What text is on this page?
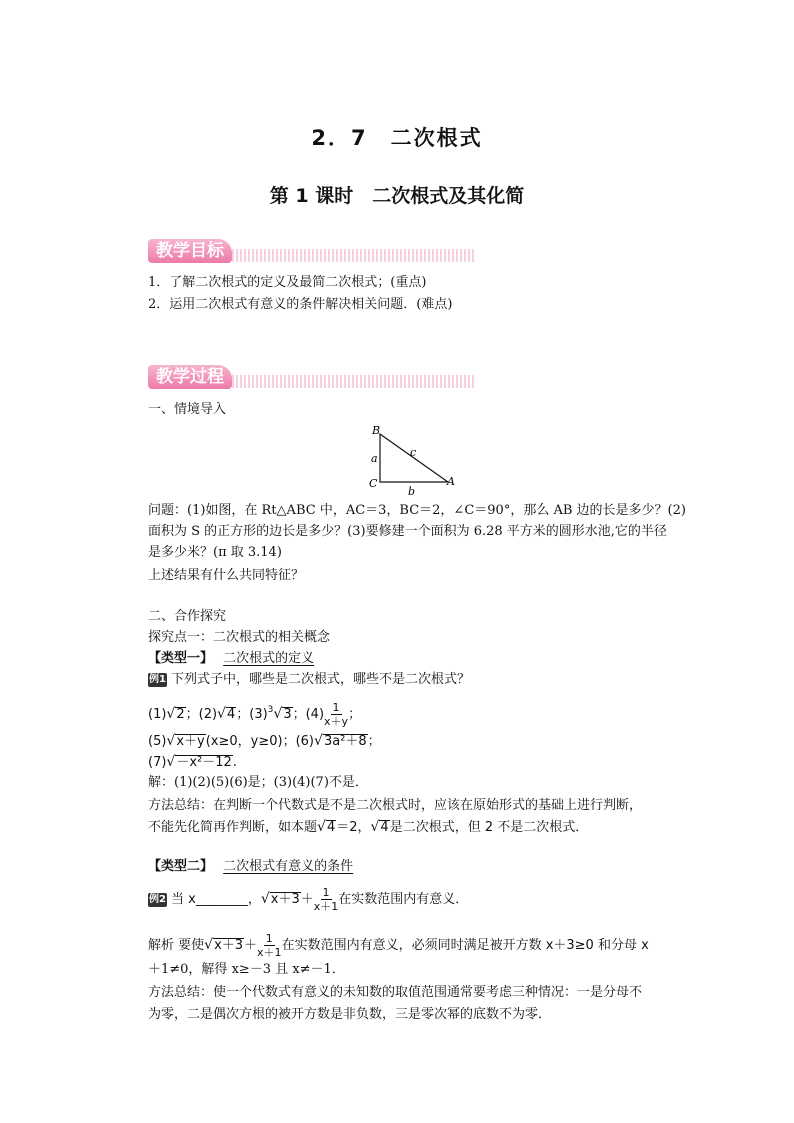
2．7　二次根式
第 1 课时　二次根式及其化简
教学目标
1．了解二次根式的定义及最简二次根式；(重点)
2．运用二次根式有意义的条件解决相关问题．(难点)
教学过程
一、情境导入
B
C	A
a	c
b
问题：(1)如图，在 Rt△ABC 中，AC＝3，BC＝2，∠C＝90°，那么 AB 边的长是多少？(2)
面积为 S 的正方形的边长是多少？(3)要修建一个面积为 6.28 平方米的圆形水池,它的半径
是多少米？(π 取 3.14)
上述结果有什么共同特征？
二、合作探究
探究点一：二次根式的相关概念
【类型一】 二次根式的定义
例1 下列式子中，哪些是二次根式，哪些不是二次根式？
(1)√2；(2)√4；$(3)^3√3$；$(4) \frac{1}{x+y}$ ；
(5)√x＋y(x≥0，y≥0)；(6)√3a²＋8；
(7)√－x²－12.
解：(1)(2)(5)(6)是；(3)(4)(7)不是．
方法总结：在判断一个代数式是不是二次根式时，应该在原始形式的基础上进行判断，
不能先化简再作判断，如本题√4＝2，√4是二次根式，但 2 不是二次根式．
【类型二】 二次根式有意义的条件
例2 当 x________，$√x+3+ \frac{1}{x+1}$ 在实数范围内有意义．
解析 要使$√x+3+ \frac{1}{x+1}$ 在实数范围内有意义，必须同时满足被开方数 x＋3≥0 和分母 x
＋1≠0，解得 x≥－3 且 x≠－1．
方法总结：使一个代数式有意义的未知数的取值范围通常要考虑三种情况：一是分母不
为零，二是偶次方根的被开方数是非负数，三是零次幂的底数不为零．
